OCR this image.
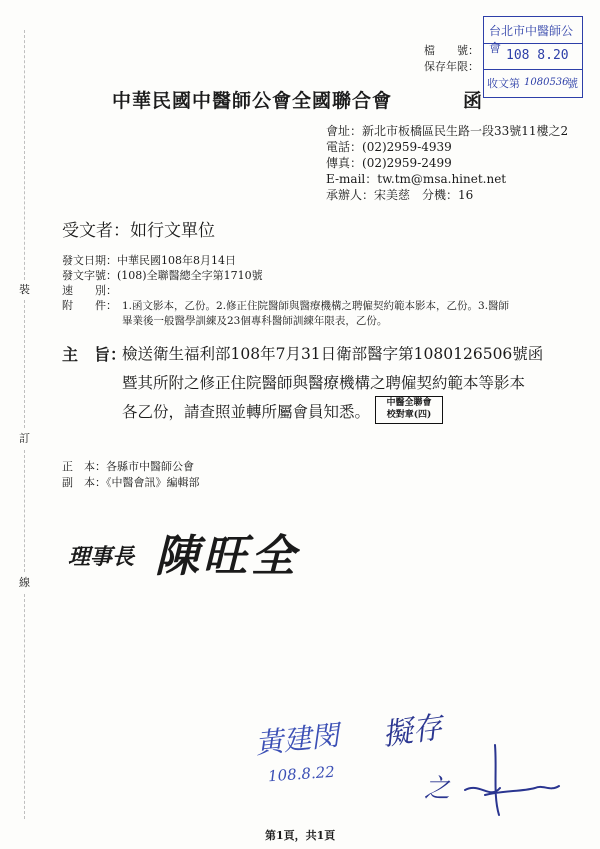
裝
訂
線
檔　　號：
保存年限：
台北市中醫師公會 108 8.20
收文第 1080536
號
中華民國中醫師公會全國聯合會	函
會址：新北市板橋區民生路一段33號11樓之2
電話：(02)2959-4939
傳真：(02)2959-2499
E-mail：tw.tm@msa.hinet.net
承辦人：宋美慈　分機：16
受文者：如行文單位
發文日期：中華民國108年8月14日
發文字號：(108)全聯醫總全字第1710號
速　　別：
附　　件： 1.函文影本，乙份。2.修正住院醫師與醫療機構之聘僱契約範本影本，乙份。3.醫師
畢業後一般醫學訓練及23個專科醫師訓練年限表，乙份。
主　旨：
檢送衛生福利部108年7月31日衛部醫字第1080126506號函
暨其所附之修正住院醫師與醫療機構之聘僱契約範本等影本
各乙份，請查照並轉所屬會員知悉。	中醫全聯會
校對章(四)
正　本：各縣市中醫師公會
副　本：《中醫會訊》編輯部
理事長 陳旺全
黃建閔
108.8.22
擬存
之
第1頁，共1頁
